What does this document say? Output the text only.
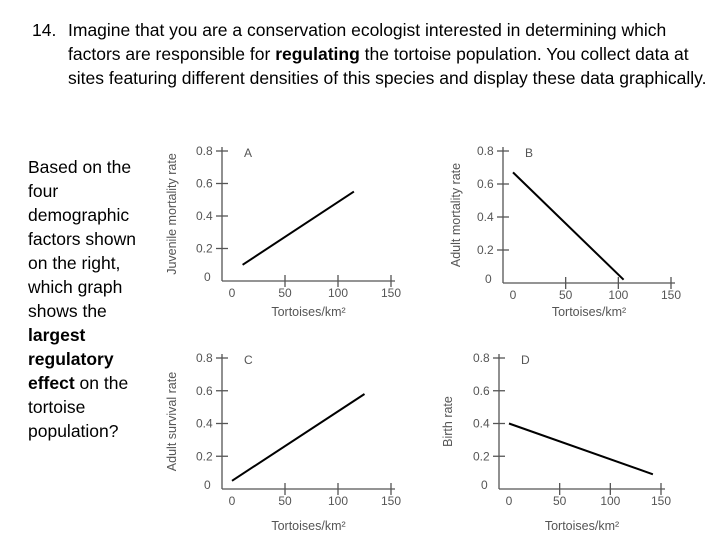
14. Imagine that you are a conservation ecologist interested in determining which factors are responsible for regulating the tortoise population. You collect data at sites featuring different densities of this species and display these data graphically.
Based on the four demographic factors shown on the right, which graph shows the largest regulatory effect on the tortoise population?
0
0.2
0.4
0.6
0.8
0	50	100	150
Tortoises/km²
Juvenile mortality rate
A
0
0.2
0.4
0.6
0.8
0	50	100	150
Tortoises/km²
Adult mortality rate
B
0
0.2
0.4
0.6
0.8
0	50	100	150
Tortoises/km²
Adult survival rate
C
0
0.2
0.4
0.6
0.8
0	50	100	150
Tortoises/km²
Birth rate
D
